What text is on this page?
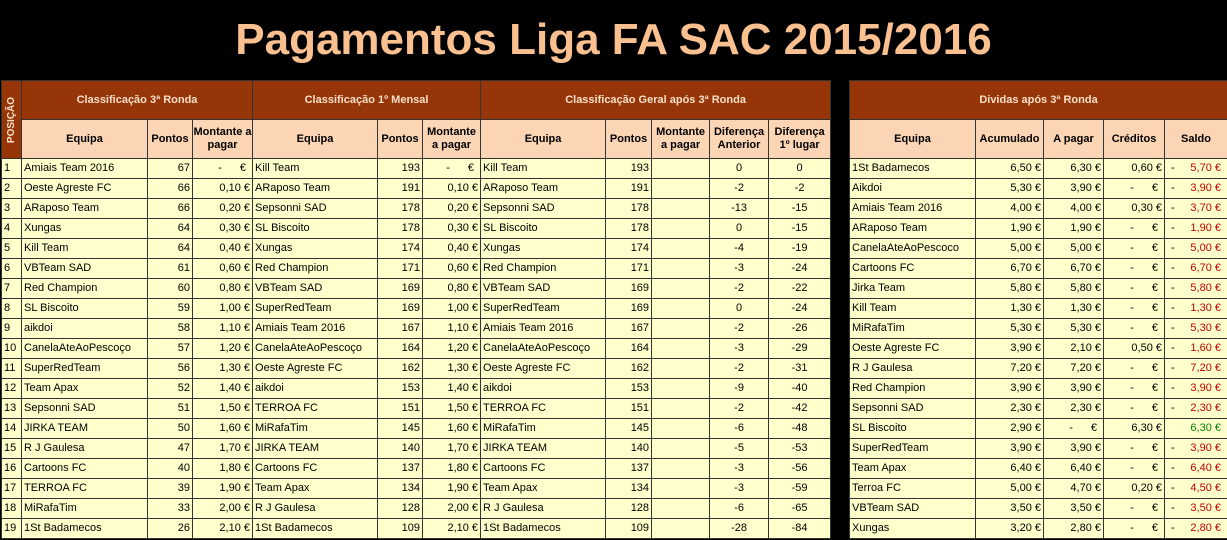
Pagamentos Liga FA SAC 2015/2016
POSIÇÃO	Classificação 3ª Ronda			Classificação 1º Mensal			Classificação Geral após 3ª Ronda				
	Equipa	Pontos	Montante a pagar	Equipa	Pontos	Montante a pagar	Equipa	Pontos	Montante a pagar	Diferença Anterior	Diferença 1º lugar
1	Amiais Team 2016	67	- €	Kill Team	193	- €	Kill Team	193		0	0
2	Oeste Agreste FC	66	0,10 €	ARaposo Team	191	0,10 €	ARaposo Team	191		-2	-2
3	ARaposo Team	66	0,20 €	Sepsonni SAD	178	0,20 €	Sepsonni SAD	178		-13	-15
4	Xungas	64	0,30 €	SL Biscoito	178	0,30 €	SL Biscoito	178		0	-15
5	Kill Team	64	0,40 €	Xungas	174	0,40 €	Xungas	174		-4	-19
6	VBTeam SAD	61	0,60 €	Red Champion	171	0,60 €	Red Champion	171		-3	-24
7	Red Champion	60	0,80 €	VBTeam SAD	169	0,80 €	VBTeam SAD	169		-2	-22
8	SL Biscoito	59	1,00 €	SuperRedTeam	169	1,00 €	SuperRedTeam	169		0	-24
9	aikdoi	58	1,10 €	Amiais Team 2016	167	1,10 €	Amiais Team 2016	167		-2	-26
10	CanelaAteAoPescoço	57	1,20 €	CanelaAteAoPescoço	164	1,20 €	CanelaAteAoPescoço	164		-3	-29
11	SuperRedTeam	56	1,30 €	Oeste Agreste FC	162	1,30 €	Oeste Agreste FC	162		-2	-31
12	Team Apax	52	1,40 €	aikdoi	153	1,40 €	aikdoi	153		-9	-40
13	Sepsonni SAD	51	1,50 €	TERROA FC	151	1,50 €	TERROA FC	151		-2	-42
14	JIRKA TEAM	50	1,60 €	MiRafaTim	145	1,60 €	MiRafaTim	145		-6	-48
15	R J Gaulesa	47	1,70 €	JIRKA TEAM	140	1,70 €	JIRKA TEAM	140		-5	-53
16	Cartoons FC	40	1,80 €	Cartoons FC	137	1,80 €	Cartoons FC	137		-3	-56
17	TERROA FC	39	1,90 €	Team Apax	134	1,90 €	Team Apax	134		-3	-59
18	MiRafaTim	33	2,00 €	R J Gaulesa	128	2,00 €	R J Gaulesa	128		-6	-65
19	1St Badamecos	26	2,10 €	1St Badamecos	109	2,10 €	1St Badamecos	109		-28	-84
Dividas após 3ª Ronda				
Equipa	Acumulado	A pagar	Créditos	Saldo
1St Badamecos	6,50 €	6,30 €	0,60 €	- 5,70 €

Aikdoi	5,30 €	3,90 €	- €	- 3,90 €

Amiais Team 2016	4,00 €	4,00 €	0,30 €	- 3,70 €

ARaposo Team	1,90 €	1,90 €	- €	- 1,90 €

CanelaAteAoPescoco	5,00 €	5,00 €	- €	- 5,00 €

Cartoons FC	6,70 €	6,70 €	- €	- 6,70 €

Jirka Team	5,80 €	5,80 €	- €	- 5,80 €

Kill Team	1,30 €	1,30 €	- €	- 1,30 €

MiRafaTim	5,30 €	5,30 €	- €	- 5,30 €

Oeste Agreste FC	3,90 €	2,10 €	0,50 €	- 1,60 €

R J Gaulesa	7,20 €	7,20 €	- €	- 7,20 €

Red Champion	3,90 €	3,90 €	- €	- 3,90 €

Sepsonni SAD	2,30 €	2,30 €	- €	- 2,30 €

SL Biscoito	2,90 €	- €	6,30 €	6,30 €

SuperRedTeam	3,90 €	3,90 €	- €	- 3,90 €

Team Apax	6,40 €	6,40 €	- €	- 6,40 €

Terroa FC	5,00 €	4,70 €	0,20 €	- 4,50 €

VBTeam SAD	3,50 €	3,50 €	- €	- 3,50 €

Xungas	3,20 €	2,80 €	- €	- 2,80 €
